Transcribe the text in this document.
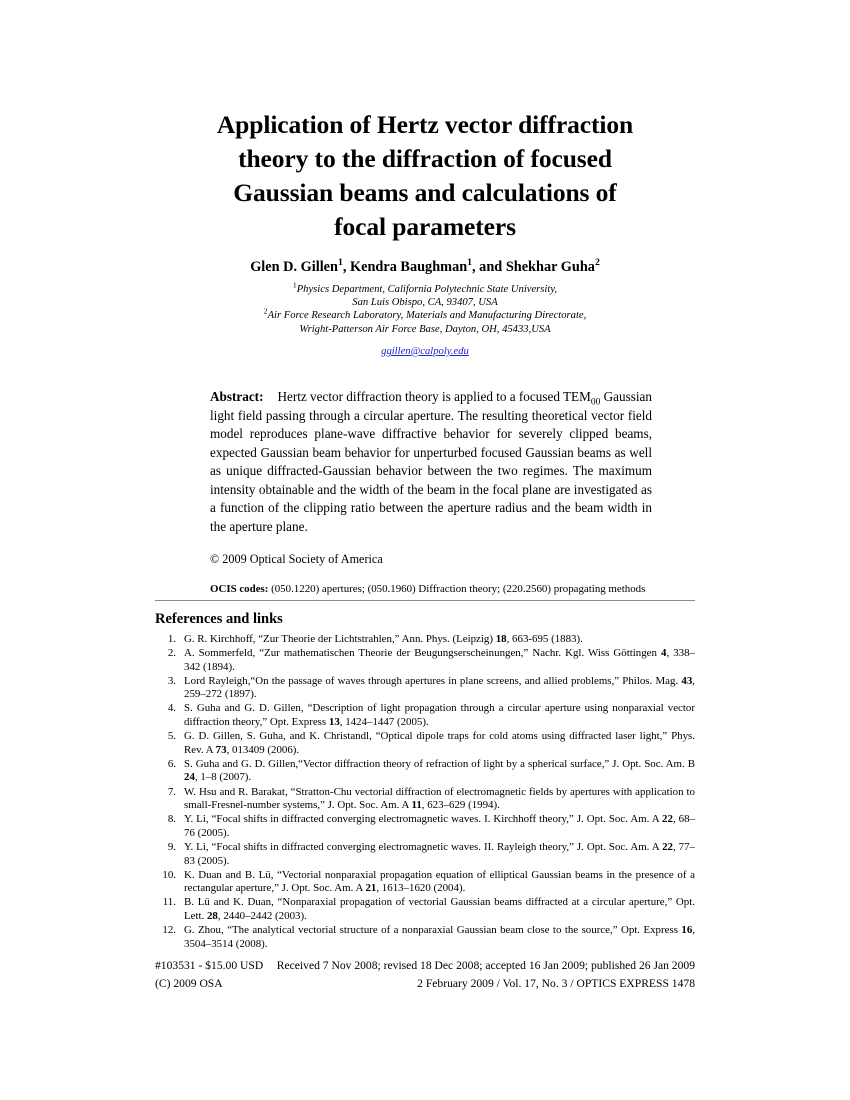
Application of Hertz vector diffraction theory to the diffraction of focused Gaussian beams and calculations of focal parameters
Glen D. Gillen$^1$, Kendra Baughman$^1$, and Shekhar Guha$^2$
$^1$Physics Department, California Polytechnic State University,
San Luis Obispo, CA, 93407, USA
$^2$Air Force Research Laboratory, Materials and Manufacturing Directorate,
Wright-Patterson Air Force Base, Dayton, OH, 45433,USA
ggillen@calpoly.edu
Abstract: Hertz vector diffraction theory is applied to a focused $TEM_{00}$ Gaussian light field passing through a circular aperture. The resulting theoretical vector field model reproduces plane-wave diffractive behavior for severely clipped beams, expected Gaussian beam behavior for unperturbed focused Gaussian beams as well as unique diffracted-Gaussian behavior between the two regimes. The maximum intensity obtainable and the width of the beam in the focal plane are investigated as a function of the clipping ratio between the aperture radius and the beam width in the aperture plane.
© 2009 Optical Society of America
OCIS codes: (050.1220) apertures; (050.1960) Diffraction theory; (220.2560) propagating methods
References and links
G. R. Kirchhoff, “Zur Theorie der Lichtstrahlen,” Ann. Phys. (Leipzig) 18, 663-695 (1883).
A. Sommerfeld, “Zur mathematischen Theorie der Beugungserscheinungen,” Nachr. Kgl. Wiss Göttingen 4, 338–342 (1894).
Lord Rayleigh,“On the passage of waves through apertures in plane screens, and allied problems,” Philos. Mag. 43, 259–272 (1897).
S. Guha and G. D. Gillen, “Description of light propagation through a circular aperture using nonparaxial vector diffraction theory,” Opt. Express 13, 1424–1447 (2005).
G. D. Gillen, S. Guha, and K. Christandl, “Optical dipole traps for cold atoms using diffracted laser light,” Phys. Rev. A 73, 013409 (2006).
S. Guha and G. D. Gillen,“Vector diffraction theory of refraction of light by a spherical surface,” J. Opt. Soc. Am. B 24, 1–8 (2007).
W. Hsu and R. Barakat, “Stratton-Chu vectorial diffraction of electromagnetic fields by apertures with application to small-Fresnel-number systems,” J. Opt. Soc. Am. A 11, 623–629 (1994).
Y. Li, “Focal shifts in diffracted converging electromagnetic waves. I. Kirchhoff theory,” J. Opt. Soc. Am. A 22, 68–76 (2005).
Y. Li, “Focal shifts in diffracted converging electromagnetic waves. II. Rayleigh theory,” J. Opt. Soc. Am. A 22, 77–83 (2005).
K. Duan and B. Lü, “Vectorial nonparaxial propagation equation of elliptical Gaussian beams in the presence of a rectangular aperture,” J. Opt. Soc. Am. A 21, 1613–1620 (2004).
B. Lü and K. Duan, “Nonparaxial propagation of vectorial Gaussian beams diffracted at a circular aperture,” Opt. Lett. 28, 2440–2442 (2003).
G. Zhou, “The analytical vectorial structure of a nonparaxial Gaussian beam close to the source,” Opt. Express 16, 3504–3514 (2008).
#103531 - $15.00 USD Received 7 Nov 2008; revised 18 Dec 2008; accepted 16 Jan 2009; published 26 Jan 2009
(C) 2009 OSA	2 February 2009 / Vol. 17, No. 3 / OPTICS EXPRESS 1478
